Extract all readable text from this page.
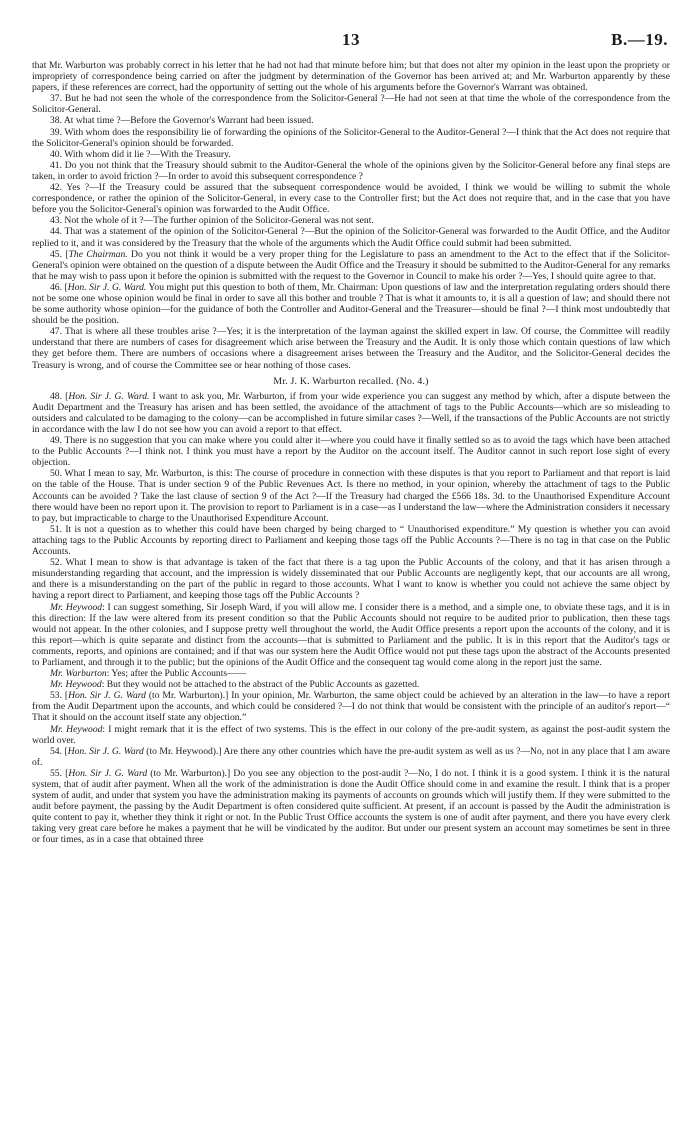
13	B.—19.

that Mr. Warburton was probably correct in his letter that he had not had that minute before him; but that does not alter my opinion in the least upon the propriety or impropriety of correspondence being carried on after the judgment by determination of the Governor has been arrived at; and Mr. Warburton apparently by these papers, if these references are correct, had the opportunity of setting out the whole of his arguments before the Governor's Warrant was obtained.

37. But he had not seen the whole of the correspondence from the Solicitor-General ?—He had not seen at that time the whole of the correspondence from the Solicitor-General.

38. At what time ?—Before the Governor's Warrant had been issued.

39. With whom does the responsibility lie of forwarding the opinions of the Solicitor-General to the Auditor-General ?—I think that the Act does not require that the Solicitor-General's opinion should be forwarded.

40. With whom did it lie ?—With the Treasury.

41. Do you not think that the Treasury should submit to the Auditor-General the whole of the opinions given by the Solicitor-General before any final steps are taken, in order to avoid friction ?—In order to avoid this subsequent correspondence ?

42. Yes ?—If the Treasury could be assured that the subsequent correspondence would be avoided, I think we would be willing to submit the whole correspondence, or rather the opinion of the Solicitor-General, in every case to the Controller first; but the Act does not require that, and in the case that you have before you the Solicitor-General's opinion was forwarded to the Audit Office.

43. Not the whole of it ?—The further opinion of the Solicitor-General was not sent.

44. That was a statement of the opinion of the Solicitor-General ?—But the opinion of the Solicitor-General was forwarded to the Audit Office, and the Auditor replied to it, and it was considered by the Treasury that the whole of the arguments which the Audit Office could submit had been submitted.

45. [The Chairman. Do you not think it would be a very proper thing for the Legislature to pass an amendment to the Act to the effect that if the Solicitor-General's opinion were obtained on the question of a dispute between the Audit Office and the Treasury it should be submitted to the Auditor-General for any remarks that he may wish to pass upon it before the opinion is submitted with the request to the Governor in Council to make his order ?—Yes, I should quite agree to that.

46. [Hon. Sir J. G. Ward. You might put this question to both of them, Mr. Chairman: Upon questions of law and the interpretation regulating orders should there not be some one whose opinion would be final in order to save all this bother and trouble ? That is what it amounts to, it is all a question of law; and should there not be some authority whose opinion—for the guidance of both the Controller and Auditor-General and the Treasurer—should be final ?—I think most undoubtedly that should be the position.

47. That is where all these troubles arise ?—Yes; it is the interpretation of the layman against the skilled expert in law. Of course, the Committee will readily understand that there are numbers of cases for disagreement which arise between the Treasury and the Audit. It is only those which contain questions of law which they get before them. There are numbers of occasions where a disagreement arises between the Treasury and the Auditor, and the Solicitor-General decides the Treasury is wrong, and of course the Committee see or hear nothing of those cases.

Mr. J. K. Warburton recalled. (No. 4.)

48. [Hon. Sir J. G. Ward. I want to ask you, Mr. Warburton, if from your wide experience you can suggest any method by which, after a dispute between the Audit Department and the Treasury has arisen and has been settled, the avoidance of the attachment of tags to the Public Accounts—which are so misleading to outsiders and calculated to be damaging to the colony—can be accomplished in future similar cases ?—Well, if the transactions of the Public Accounts are not strictly in accordance with the law I do not see how you can avoid a report to that effect.

49. There is no suggestion that you can make where you could alter it—where you could have it finally settled so as to avoid the tags which have been attached to the Public Accounts ?—I think not. I think you must have a report by the Auditor on the account itself. The Auditor cannot in such report lose sight of every objection.

50. What I mean to say, Mr. Warburton, is this: The course of procedure in connection with these disputes is that you report to Parliament and that report is laid on the table of the House. That is under section 9 of the Public Revenues Act. Is there no method, in your opinion, whereby the attachment of tags to the Public Accounts can be avoided ? Take the last clause of section 9 of the Act ?—If the Treasury had charged the £566 18s. 3d. to the Unauthorised Expenditure Account there would have been no report upon it. The provision to report to Parliament is in a case—as I understand the law—where the Administration considers it necessary to pay, but impracticable to charge to the Unauthorised Expenditure Account.

51. It is not a question as to whether this could have been charged by being charged to “ Unauthorised expenditure.” My question is whether you can avoid attaching tags to the Public Accounts by reporting direct to Parliament and keeping those tags off the Public Accounts ?—There is no tag in that case on the Public Accounts.

52. What I mean to show is that advantage is taken of the fact that there is a tag upon the Public Accounts of the colony, and that it has arisen through a misunderstanding regarding that account, and the impression is widely disseminated that our Public Accounts are negligently kept, that our accounts are all wrong, and there is a misunderstanding on the part of the public in regard to those accounts. What I want to know is whether you could not achieve the same object by having a report direct to Parliament, and keeping those tags off the Public Accounts ?

Mr. Heywood: I can suggest something, Sir Joseph Ward, if you will allow me. I consider there is a method, and a simple one, to obviate these tags, and it is in this direction: If the law were altered from its present condition so that the Public Accounts should not require to be audited prior to publication, then these tags would not appear. In the other colonies, and I suppose pretty well throughout the world, the Audit Office presents a report upon the accounts of the colony, and it is this report—which is quite separate and distinct from the accounts—that is submitted to Parliament and the public. It is in this report that the Auditor's tags or comments, reports, and opinions are contained; and if that was our system here the Audit Office would not put these tags upon the abstract of the Accounts presented to Parliament, and through it to the public; but the opinions of the Audit Office and the consequent tag would come along in the report just the same.

Mr. Warburton: Yes; after the Public Accounts——

Mr. Heywood: But they would not be attached to the abstract of the Public Accounts as gazetted.

53. [Hon. Sir J. G. Ward (to Mr. Warburton).] In your opinion, Mr. Warburton, the same object could be achieved by an alteration in the law—to have a report from the Audit Department upon the accounts, and which could be considered ?—I do not think that would be consistent with the principle of an auditor's report—“ That it should on the account itself state any objection.”

Mr. Heywood: I might remark that it is the effect of two systems. This is the effect in our colony of the pre-audit system, as against the post-audit system the world over.

54. [Hon. Sir J. G. Ward (to Mr. Heywood).] Are there any other countries which have the pre-audit system as well as us ?—No, not in any place that I am aware of.

55. [Hon. Sir J. G. Ward (to Mr. Warburton).] Do you see any objection to the post-audit ?—No, I do not. I think it is a good system. I think it is the natural system, that of audit after payment. When all the work of the administration is done the Audit Office should come in and examine the result. I think that is a proper system of audit, and under that system you have the administration making its payments of accounts on grounds which will justify them. If they were submitted to the audit before payment, the passing by the Audit Department is often considered quite sufficient. At present, if an account is passed by the Audit the administration is quite content to pay it, whether they think it right or not. In the Public Trust Office accounts the system is one of audit after payment, and there you have every clerk taking very great care before he makes a payment that he will be vindicated by the auditor. But under our present system an account may sometimes be sent in three or four times, as in a case that obtained three
